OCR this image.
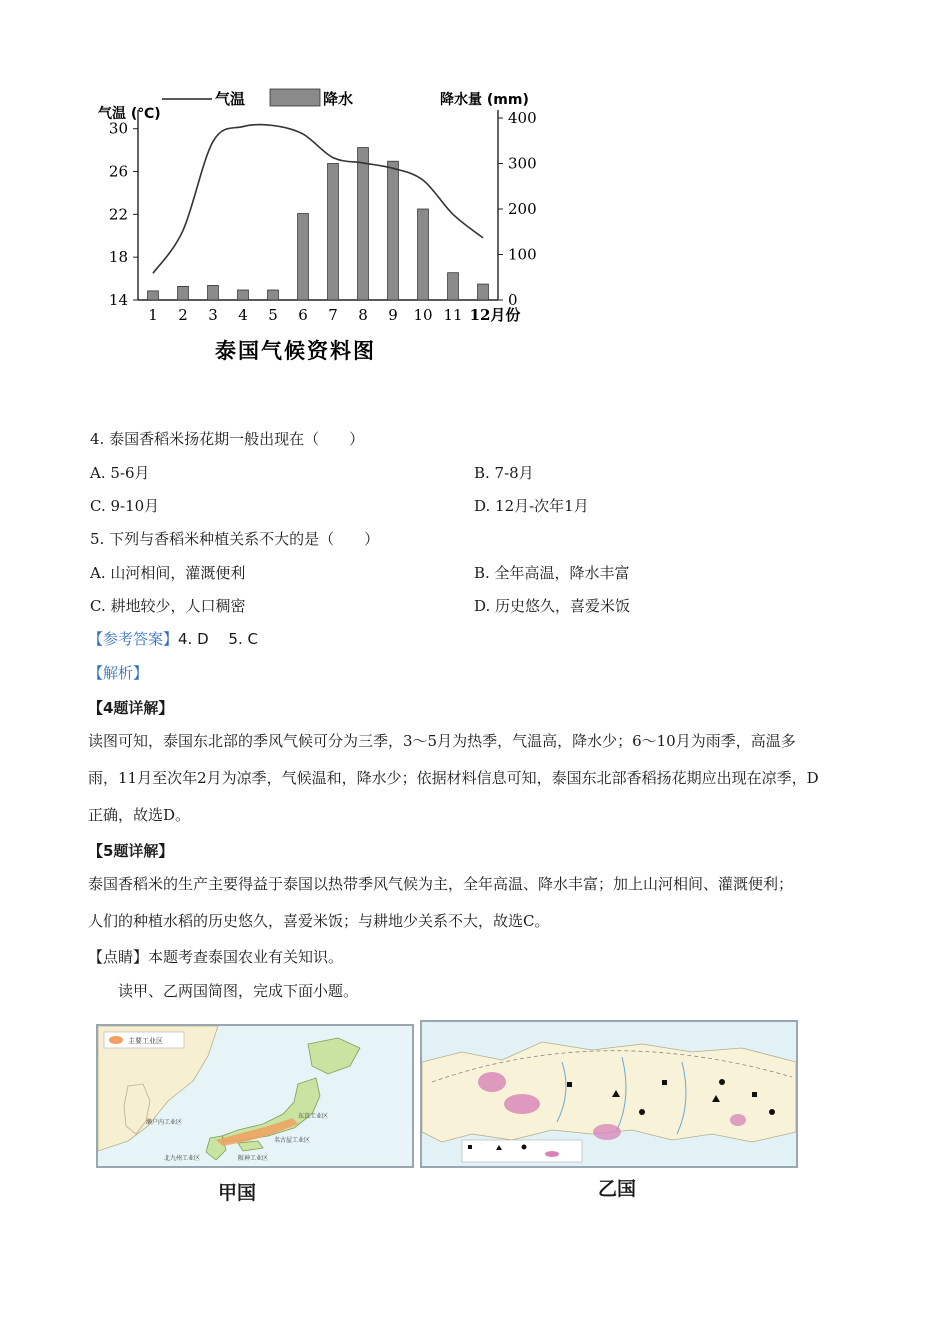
14
18
22
26
30
0
100
200
300
400
1 2 3 4 5 6 7 8 9 10 11 12月份
气温	降水
气温 (℃)
降水量 (mm)
泰国气候资料图
4. 泰国香稻米扬花期一般出现在（　　）
A. 5-6月	B. 7-8月
C. 9-10月	D. 12月-次年1月
5. 下列与香稻米种植关系不大的是（　　）
A. 山河相间，灌溉便利	B. 全年高温，降水丰富
C. 耕地较少，人口稠密	D. 历史悠久，喜爱米饭
【参考答案】4. D　 5. C
【解析】
【4题详解】
读图可知，泰国东北部的季风气候可分为三季，3～5月为热季，气温高，降水少；6～10月为雨季，高温多
雨，11月至次年2月为凉季，气候温和，降水少；依据材料信息可知，泰国东北部香稻扬花期应出现在凉季，D
正确，故选D。
【5题详解】
泰国香稻米的生产主要得益于泰国以热带季风气候为主，全年高温、降水丰富；加上山河相间、灌溉便利；
人们的种植水稻的历史悠久，喜爱米饭；与耕地少关系不大，故选C。
【点睛】本题考查泰国农业有关知识。
读甲、乙两国简图，完成下面小题。
主要工业区
濑户内工业区
东京工业区
阪神工业区
北九州工业区
名古屋工业区
甲国	乙国
